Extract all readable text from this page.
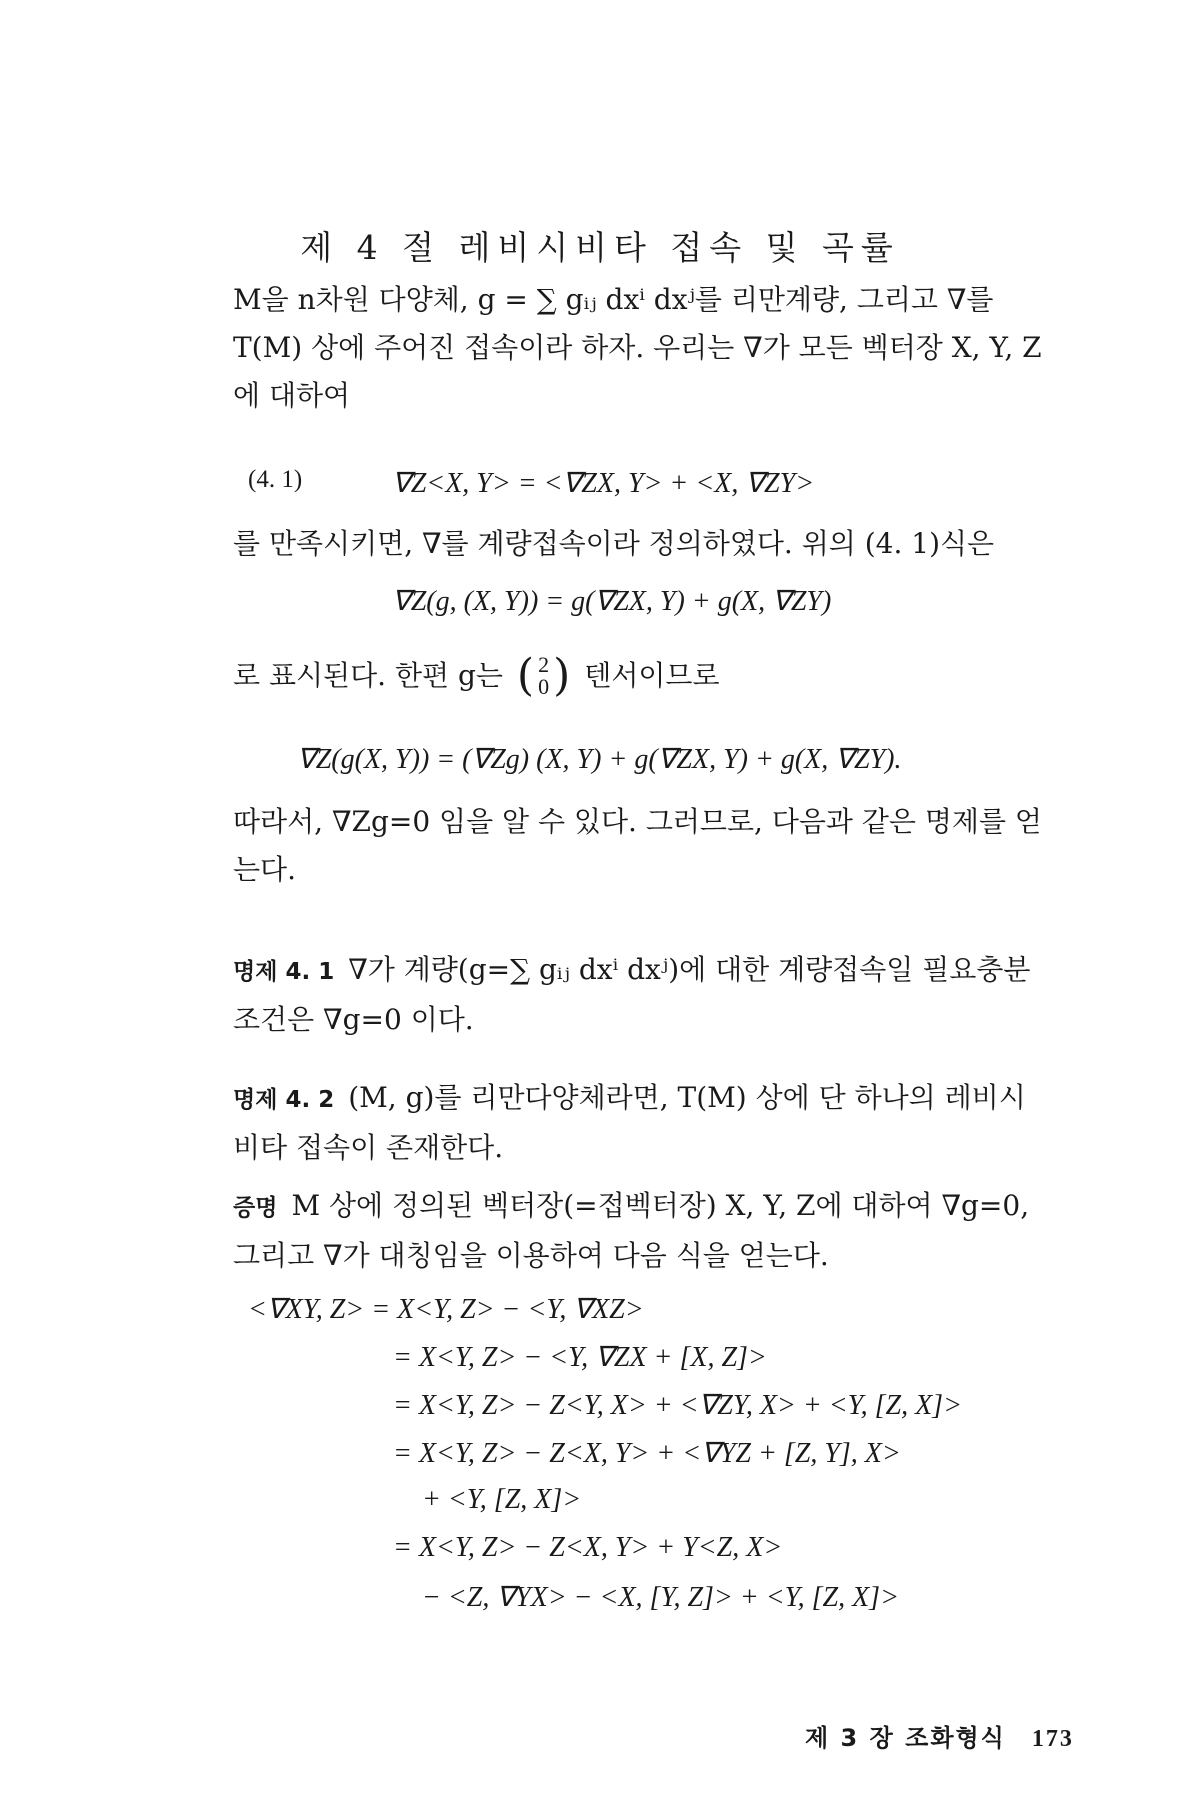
제 4 절 레비시비타 접속 및 곡률
M을 n차원 다양체, g = ∑ gᵢⱼ dxⁱ dxʲ를 리만계량, 그리고 ∇를
T(M) 상에 주어진 접속이라 하자. 우리는 ∇가 모든 벡터장 X, Y, Z
에 대하여
(4. 1)	∇Z<X, Y> = <∇ZX, Y> + <X, ∇ZY>
를 만족시키면, ∇를 계량접속이라 정의하였다. 위의 (4. 1)식은
∇Z(g, (X, Y)) = g(∇ZX, Y) + g(X, ∇ZY)
로 표시된다. 한편 g는 ( 2
0 ) 텐서이므로
∇Z(g(X, Y)) = (∇Zg) (X, Y) + g(∇ZX, Y) + g(X, ∇ZY).
따라서, ∇Zg=0 임을 알 수 있다. 그러므로, 다음과 같은 명제를 얻
는다.
명제 4. 1 ∇가 계량(g=∑ gᵢⱼ dxⁱ dxʲ)에 대한 계량접속일 필요충분
조건은 ∇g=0 이다.
명제 4. 2 (M, g)를 리만다양체라면, T(M) 상에 단 하나의 레비시
비타 접속이 존재한다.
증명 M 상에 정의된 벡터장(=접벡터장) X, Y, Z에 대하여 ∇g=0,
그리고 ∇가 대칭임을 이용하여 다음 식을 얻는다.
<∇XY, Z> = X<Y, Z> − <Y, ∇XZ>
= X<Y, Z> − <Y, ∇ZX + [X, Z]>
= X<Y, Z> − Z<Y, X> + <∇ZY, X> + <Y, [Z, X]>
= X<Y, Z> − Z<X, Y> + <∇YZ + [Z, Y], X>
+ <Y, [Z, X]>
= X<Y, Z> − Z<X, Y> + Y<Z, X>
− <Z, ∇YX> − <X, [Y, Z]> + <Y, [Z, X]>
제 3 장 조화형식 173
